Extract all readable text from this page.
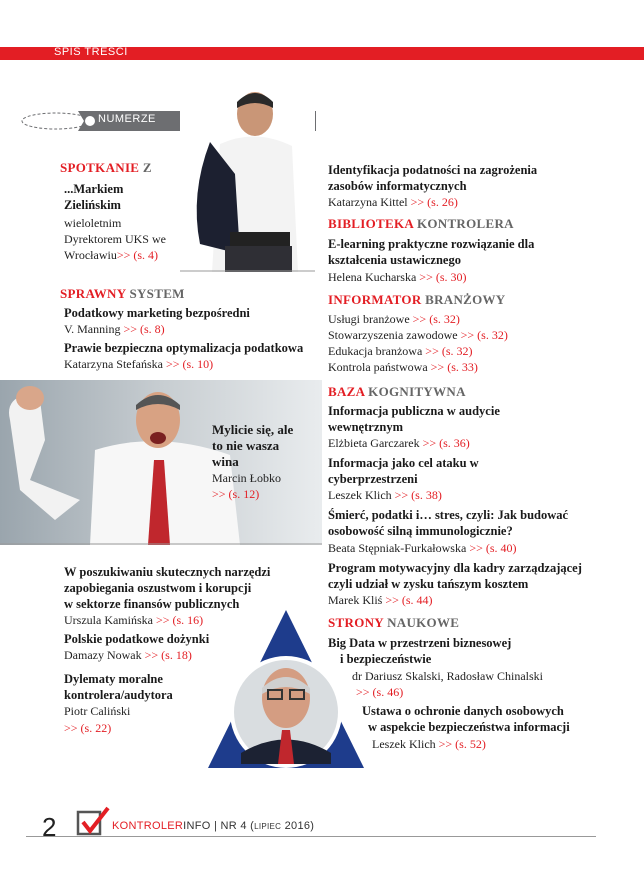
SPIS TREŚCI
NUMERZE
SPOTKANIE Z
...Markiem
Zielińskim
wieloletnim
Dyrektorem UKS we
Wrocławiu>> (s. 4)
SPRAWNY SYSTEM
Podatkowy marketing bezpośredni
V. Manning >> (s. 8)
Prawie bezpieczna optymalizacja podatkowa
Katarzyna Stefańska >> (s. 10)
Mylicie się, ale
to nie wasza
wina
Marcin Łobko
>> (s. 12)
W poszukiwaniu skutecznych narzędzi
zapobiegania oszustwom i korupcji
w sektorze finansów publicznych
Urszula Kamińska >> (s. 16)
Polskie podatkowe dożynki
Damazy Nowak >> (s. 18)
Dylematy moralne
kontrolera/audytora
Piotr Caliński
>> (s. 22)
Identyfikacja podatności na zagrożenia
zasobów informatycznych
Katarzyna Kittel >> (s. 26)
BIBLIOTEKA KONTROLERA
E-learning praktyczne rozwiązanie dla
kształcenia ustawicznego
Helena Kucharska >> (s. 30)
INFORMATOR BRANŻOWY
Usługi branżowe >> (s. 32)
Stowarzyszenia zawodowe >> (s. 32)
Edukacja branżowa >> (s. 32)
Kontrola państwowa >> (s. 33)
BAZA KOGNITYWNA
Informacja publiczna w audycie
wewnętrznym
Elżbieta Garczarek >> (s. 36)
Informacja jako cel ataku w
cyberprzestrzeni
Leszek Klich >> (s. 38)
Śmierć, podatki i… stres, czyli: Jak budować
osobowość silną immunologicznie?
Beata Stępniak-Furkałowska >> (s. 40)
Program motywacyjny dla kadry zarządzającej
czyli udział w zysku tańszym kosztem
Marek Kliś >> (s. 44)
STRONY NAUKOWE
Big Data w przestrzeni biznesowej
i bezpieczeństwie
dr Dariusz Skalski, Radosław Chinalski
>> (s. 46)
Ustawa o ochronie danych osobowych
w aspekcie bezpieczeństwa informacji
Leszek Klich >> (s. 52)
2	KONTROLERINFO | NR 4 (LIPIEC 2016)
